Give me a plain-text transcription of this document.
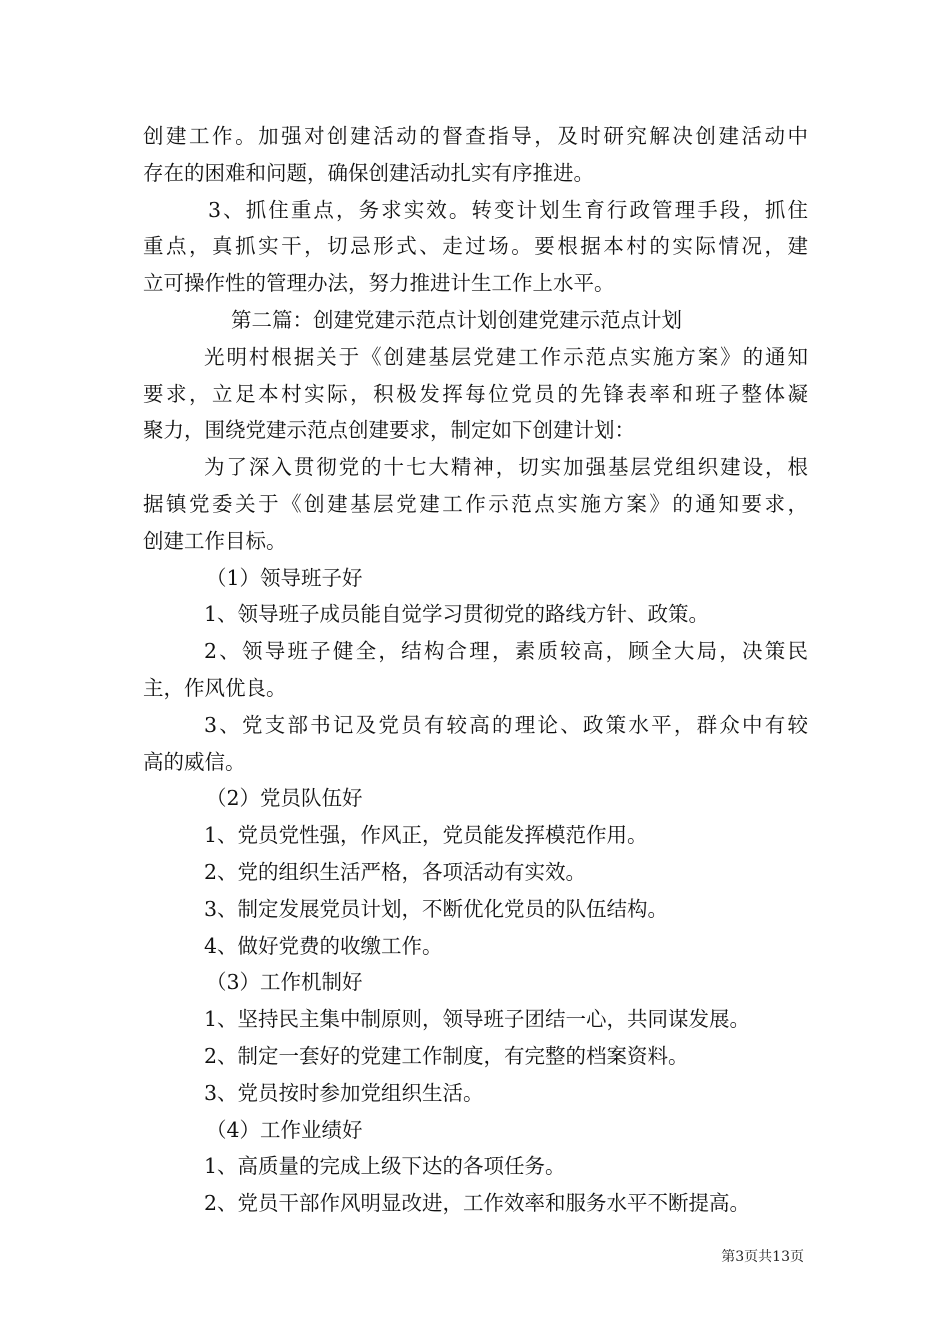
创建工作。加强对创建活动的督查指导，及时研究解决创建活动中
存在的困难和问题，确保创建活动扎实有序推进。
3、抓住重点，务求实效。转变计划生育行政管理手段，抓住
重点，真抓实干，切忌形式、走过场。要根据本村的实际情况，建
立可操作性的管理办法，努力推进计生工作上水平。
第二篇：创建党建示范点计划创建党建示范点计划
光明村根据关于《创建基层党建工作示范点实施方案》的通知
要求，立足本村实际，积极发挥每位党员的先锋表率和班子整体凝
聚力，围绕党建示范点创建要求，制定如下创建计划：
为了深入贯彻党的十七大精神，切实加强基层党组织建设，根
据镇党委关于《创建基层党建工作示范点实施方案》的通知要求，
创建工作目标。
（1）领导班子好
1、领导班子成员能自觉学习贯彻党的路线方针、政策。
2、领导班子健全，结构合理，素质较高，顾全大局，决策民
主，作风优良。
3、党支部书记及党员有较高的理论、政策水平，群众中有较
高的威信。
（2）党员队伍好
1、党员党性强，作风正，党员能发挥模范作用。
2、党的组织生活严格，各项活动有实效。
3、制定发展党员计划，不断优化党员的队伍结构。
4、做好党费的收缴工作。
（3）工作机制好
1、坚持民主集中制原则，领导班子团结一心，共同谋发展。
2、制定一套好的党建工作制度，有完整的档案资料。
3、党员按时参加党组织生活。
（4）工作业绩好
1、高质量的完成上级下达的各项任务。
2、党员干部作风明显改进，工作效率和服务水平不断提高。
第3页共13页
